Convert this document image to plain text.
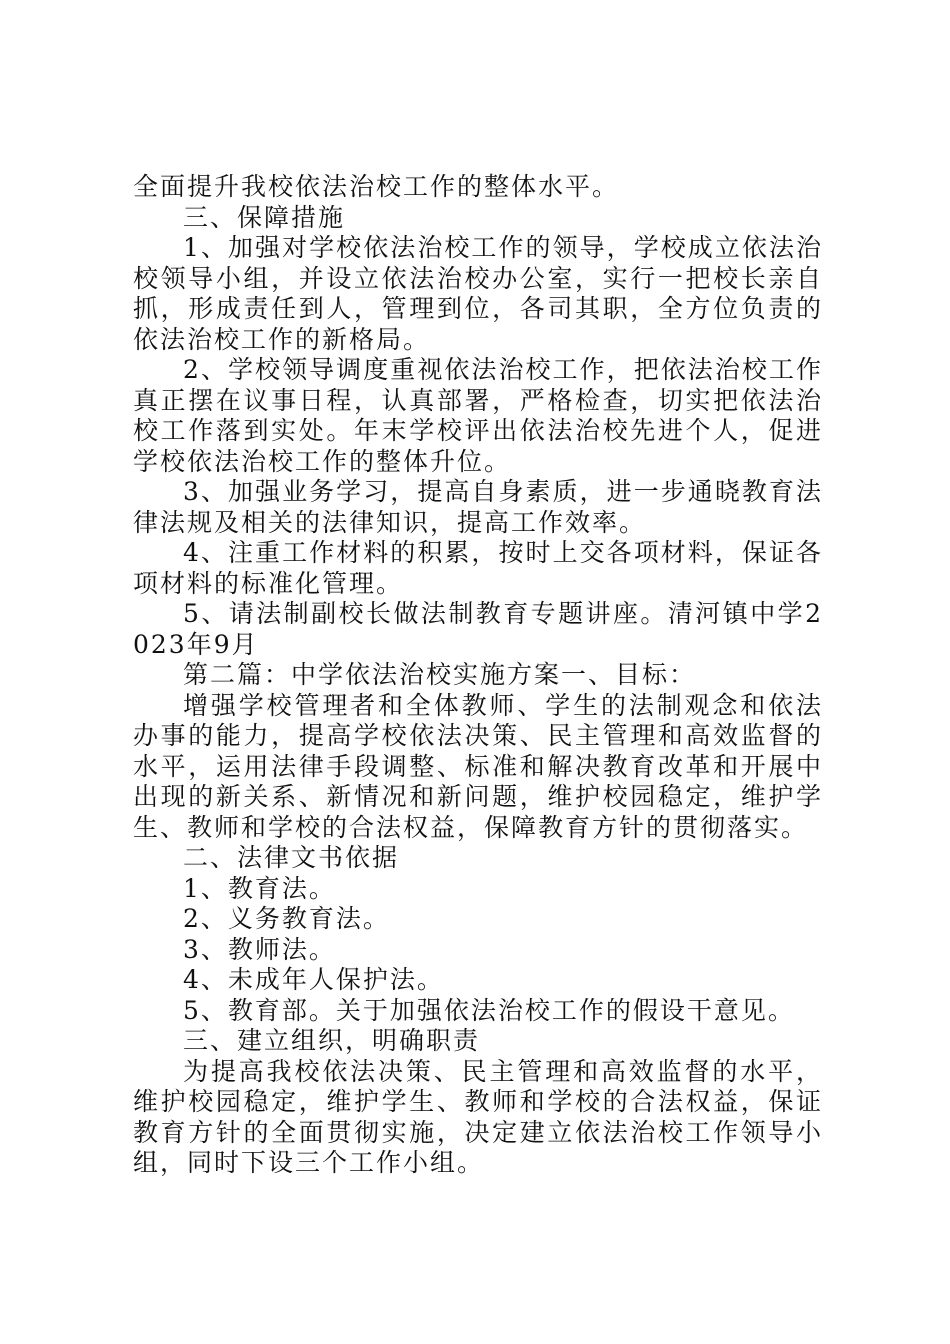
全面提升我校依法治校工作的整体水平。

三、保障措施

1、加强对学校依法治校工作的领导，学校成立依法治校领导小组，并设立依法治校办公室，实行一把校长亲自抓，形成责任到人，管理到位，各司其职，全方位负责的依法治校工作的新格局。

2、学校领导调度重视依法治校工作，把依法治校工作真正摆在议事日程，认真部署，严格检查，切实把依法治校工作落到实处。年末学校评出依法治校先进个人，促进学校依法治校工作的整体升位。

3、加强业务学习，提高自身素质，进一步通晓教育法律法规及相关的法律知识，提高工作效率。

4、注重工作材料的积累，按时上交各项材料，保证各项材料的标准化管理。

5、请法制副校长做法制教育专题讲座。清河镇中学2023年9月

第二篇：中学依法治校实施方案一、目标：

增强学校管理者和全体教师、学生的法制观念和依法办事的能力，提高学校依法决策、民主管理和高效监督的水平，运用法律手段调整、标准和解决教育改革和开展中出现的新关系、新情况和新问题，维护校园稳定，维护学生、教师和学校的合法权益，保障教育方针的贯彻落实。

二、法律文书依据

1、教育法。

2、义务教育法。

3、教师法。

4、未成年人保护法。

5、教育部。关于加强依法治校工作的假设干意见。

三、建立组织，明确职责

为提高我校依法决策、民主管理和高效监督的水平，维护校园稳定，维护学生、教师和学校的合法权益，保证教育方针的全面贯彻实施，决定建立依法治校工作领导小组，同时下设三个工作小组。
